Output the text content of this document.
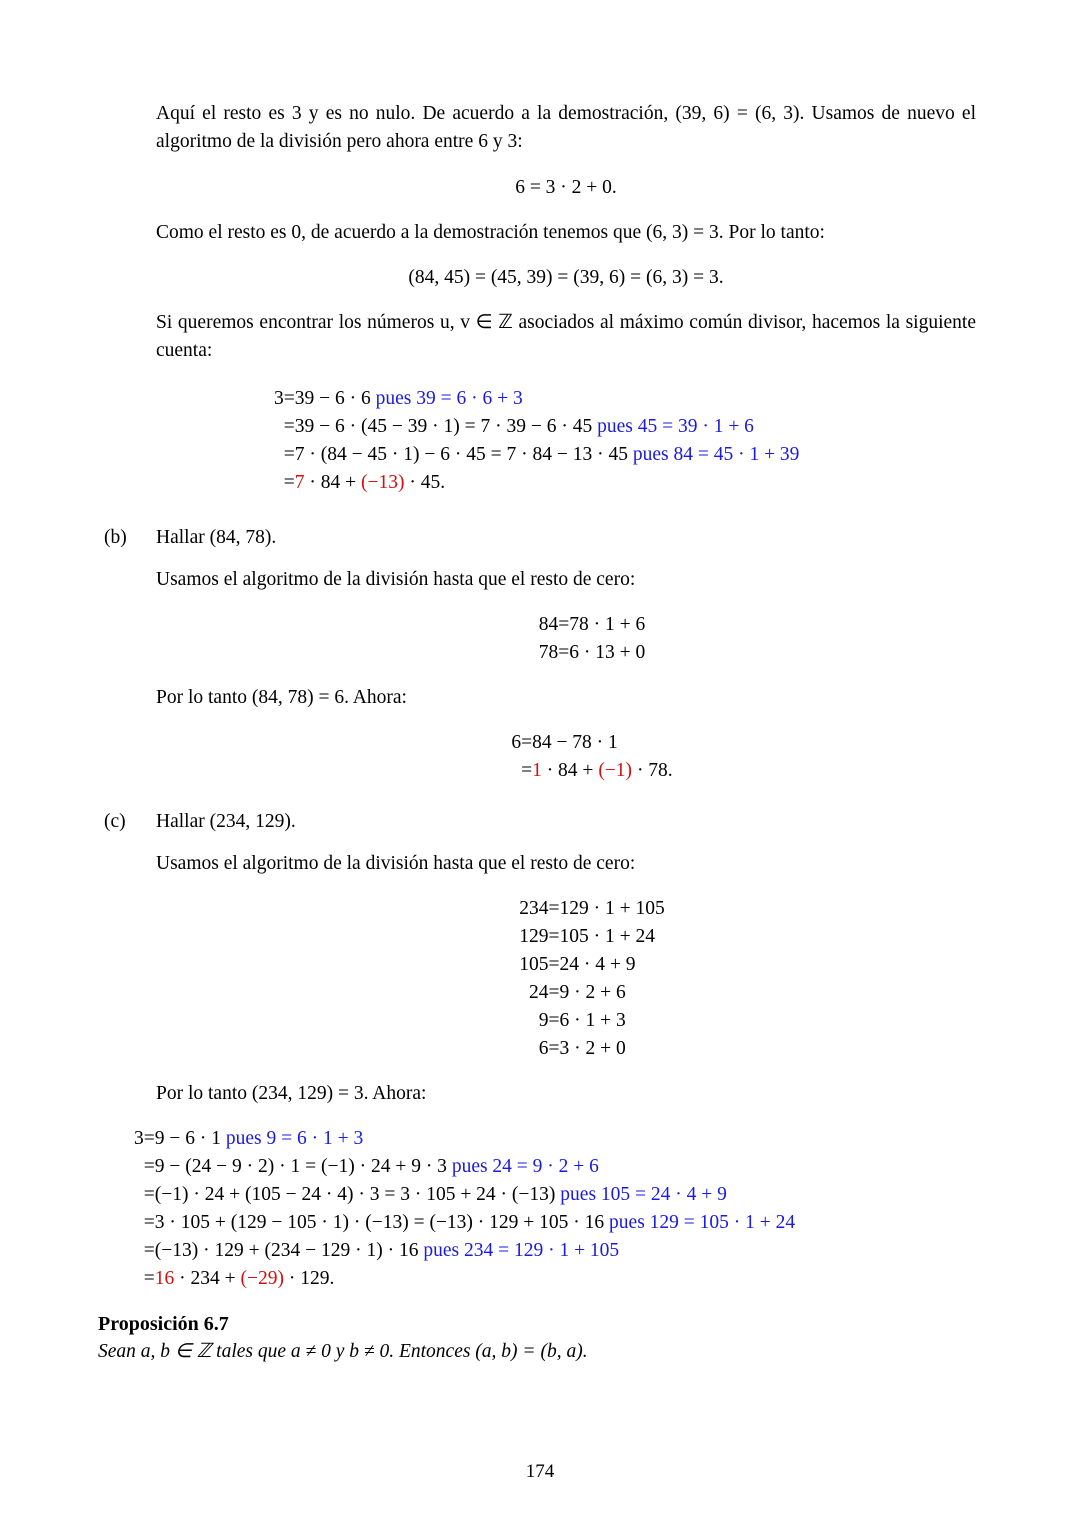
Aquí el resto es 3 y es no nulo. De acuerdo a la demostración, (39, 6) = (6, 3). Usamos de nuevo el algoritmo de la división pero ahora entre 6 y 3:

6 = 3 · 2 + 0.

Como el resto es 0, de acuerdo a la demostración tenemos que (6, 3) = 3. Por lo tanto:

(84, 45) = (45, 39) = (39, 6) = (6, 3) = 3.

Si queremos encontrar los números u, v ∈ ℤ asociados al máximo común divisor, hacemos la siguiente cuenta:

3	=	39 − 6 · 6 pues 39 = 6 · 6 + 3
	=	39 − 6 · (45 − 39 · 1) = 7 · 39 − 6 · 45 pues 45 = 39 · 1 + 6
	=	7 · (84 − 45 · 1) − 6 · 45 = 7 · 84 − 13 · 45 pues 84 = 45 · 1 + 39
	=	7 · 84 + (−13) · 45.
(b)	Hallar (84, 78).
Usamos el algoritmo de la división hasta que el resto de cero:
84	=	78 · 1 + 6
78	=	6 · 13 + 0
Por lo tanto (84, 78) = 6. Ahora:
6	=	84 − 78 · 1
	=	1 · 84 + (−1) · 78.
(c)	Hallar (234, 129).
Usamos el algoritmo de la división hasta que el resto de cero:
234	=	129 · 1 + 105
129	=	105 · 1 + 24
105	=	24 · 4 + 9
24	=	9 · 2 + 6
9	=	6 · 1 + 3
6	=	3 · 2 + 0
Por lo tanto (234, 129) = 3. Ahora:
3	=	9 − 6 · 1 pues 9 = 6 · 1 + 3
	=	9 − (24 − 9 · 2) · 1 = (−1) · 24 + 9 · 3 pues 24 = 9 · 2 + 6
	=	(−1) · 24 + (105 − 24 · 4) · 3 = 3 · 105 + 24 · (−13) pues 105 = 24 · 4 + 9
	=	3 · 105 + (129 − 105 · 1) · (−13) = (−13) · 129 + 105 · 16 pues 129 = 105 · 1 + 24
	=	(−13) · 129 + (234 − 129 · 1) · 16 pues 234 = 129 · 1 + 105
	=	16 · 234 + (−29) · 129.
Proposición 6.7
Sean a, b ∈ ℤ tales que a ≠ 0 y b ≠ 0. Entonces (a, b) = (b, a).
174
